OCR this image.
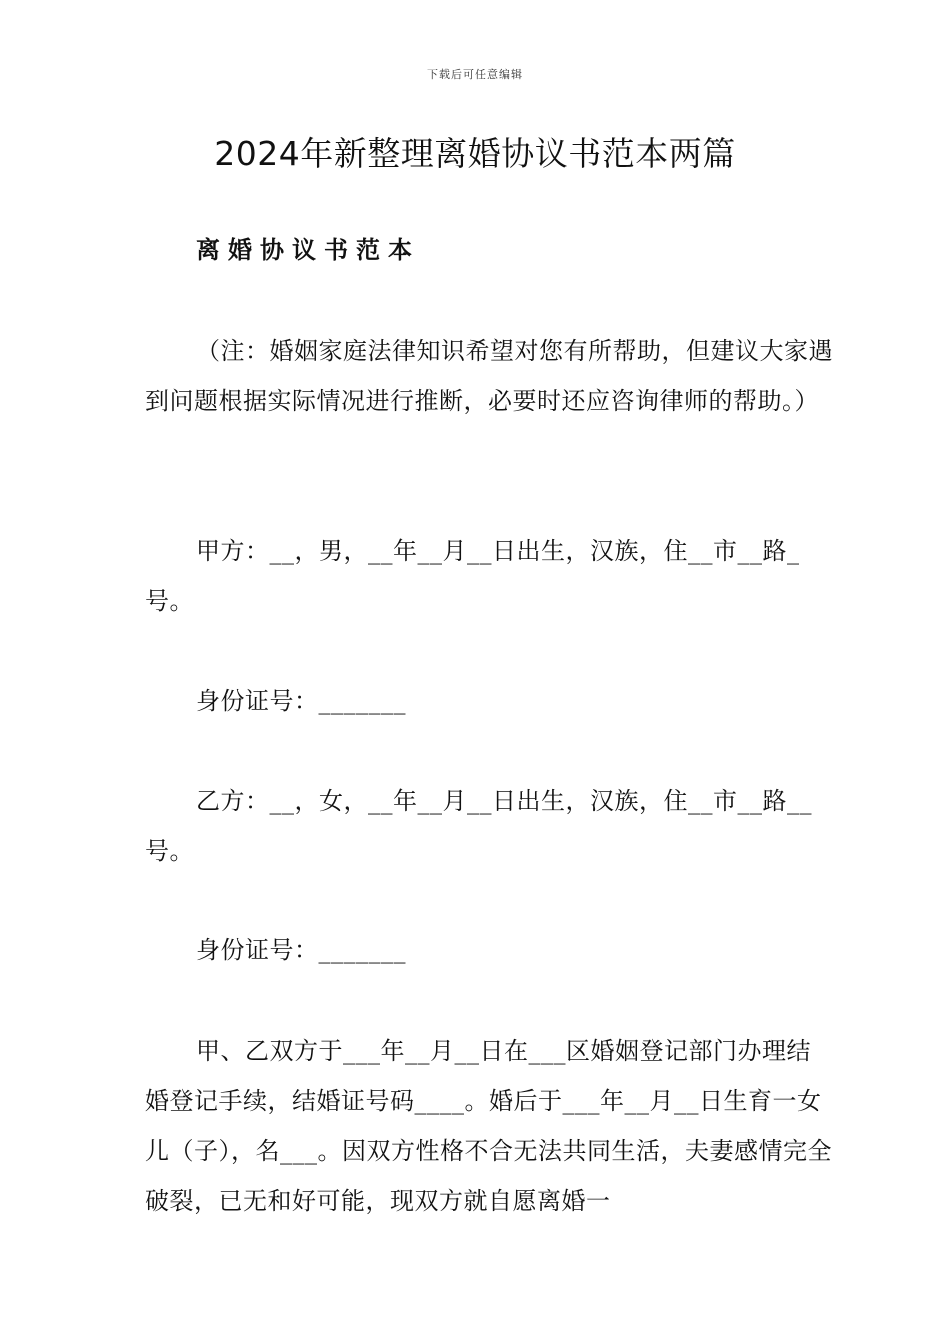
下载后可任意编辑
2024年新整理离婚协议书范本两篇
离婚协议书范本

（注：婚姻家庭法律知识希望对您有所帮助，但建议大家遇到问题根据实际情况进行推断，必要时还应咨询律师的帮助。）

甲方：__，男，__年__月__日出生，汉族，住__市__路_号。

身份证号：_______

乙方：__，女，__年__月__日出生，汉族，住__市__路__号。

身份证号：_______

甲、乙双方于___年__月__日在___区婚姻登记部门办理结婚登记手续，结婚证号码____。婚后于___年__月__日生育一女儿（子），名___。因双方性格不合无法共同生活，夫妻感情完全破裂，已无和好可能，现双方就自愿离婚一
